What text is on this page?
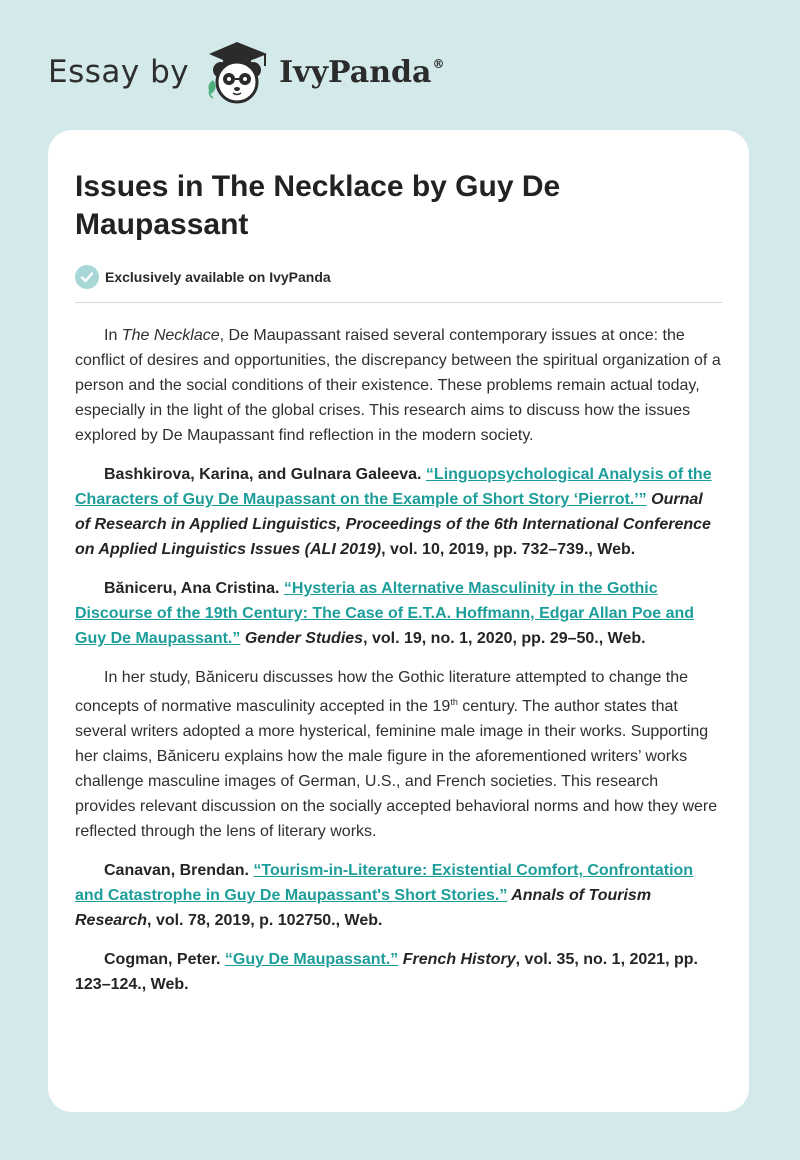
Essay by	IvyPanda®
Issues in The Necklace by Guy De Maupassant
Exclusively available on IvyPanda

In The Necklace, De Maupassant raised several contemporary issues at once: the conflict of desires and opportunities, the discrepancy between the spiritual organization of a person and the social conditions of their existence. These problems remain actual today, especially in the light of the global crises. This research aims to discuss how the issues explored by De Maupassant find reflection in the modern society.

Bashkirova, Karina, and Gulnara Galeeva. “Linguopsychological Analysis of the Characters of Guy De Maupassant on the Example of Short Story ‘Pierrot.’” Ournal of Research in Applied Linguistics, Proceedings of the 6th International Conference on Applied Linguistics Issues (ALI 2019), vol. 10, 2019, pp. 732–739., Web.

Băniceru, Ana Cristina. “Hysteria as Alternative Masculinity in the Gothic Discourse of the 19th Century: The Case of E.T.A. Hoffmann, Edgar Allan Poe and Guy De Maupassant.” Gender Studies, vol. 19, no. 1, 2020, pp. 29–50., Web.

In her study, Băniceru discusses how the Gothic literature attempted to change the concepts of normative masculinity accepted in the 19th century. The author states that several writers adopted a more hysterical, feminine male image in their works. Supporting her claims, Băniceru explains how the male figure in the aforementioned writers’ works challenge masculine images of German, U.S., and French societies. This research provides relevant discussion on the socially accepted behavioral norms and how they were reflected through the lens of literary works.

Canavan, Brendan. “Tourism-in-Literature: Existential Comfort, Confrontation and Catastrophe in Guy De Maupassant's Short Stories.” Annals of Tourism Research, vol. 78, 2019, p. 102750., Web.

Cogman, Peter. “Guy De Maupassant.” French History, vol. 35, no. 1, 2021, pp. 123–124., Web.
